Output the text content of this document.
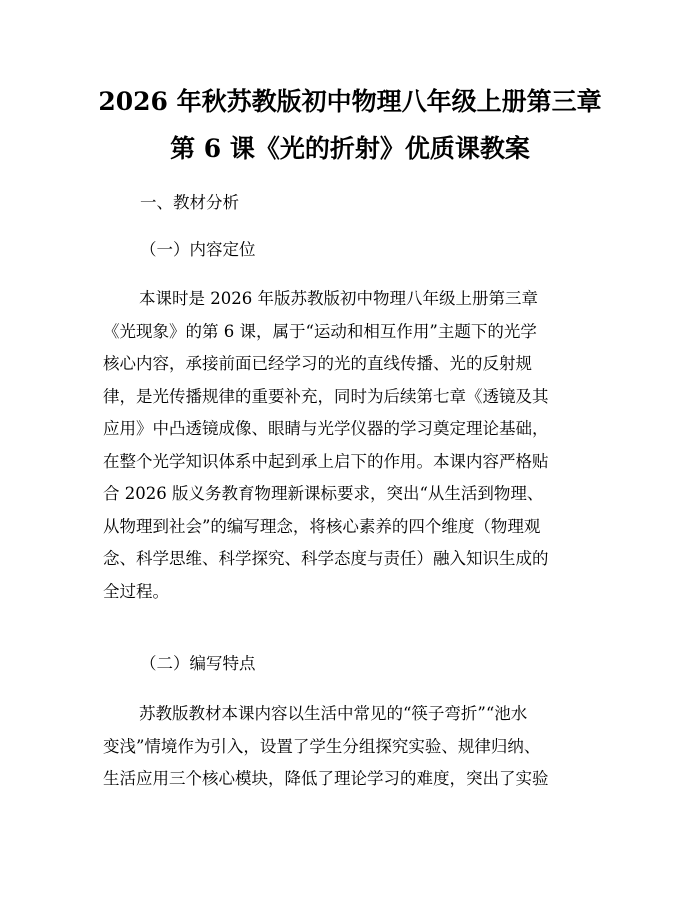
2026 年秋苏教版初中物理八年级上册第三章
第 6 课《光的折射》优质课教案
一、教材分析
（一）内容定位
本课时是 2026 年版苏教版初中物理八年级上册第三章
《光现象》的第 6 课，属于“运动和相互作用”主题下的光学
核心内容，承接前面已经学习的光的直线传播、光的反射规
律，是光传播规律的重要补充，同时为后续第七章《透镜及其
应用》中凸透镜成像、眼睛与光学仪器的学习奠定理论基础，
在整个光学知识体系中起到承上启下的作用。本课内容严格贴
合 2026 版义务教育物理新课标要求，突出“从生活到物理、
从物理到社会”的编写理念，将核心素养的四个维度（物理观
念、科学思维、科学探究、科学态度与责任）融入知识生成的
全过程。
（二）编写特点
苏教版教材本课内容以生活中常见的“筷子弯折”“池水
变浅”情境作为引入，设置了学生分组探究实验、规律归纳、
生活应用三个核心模块，降低了理论学习的难度，突出了实验
